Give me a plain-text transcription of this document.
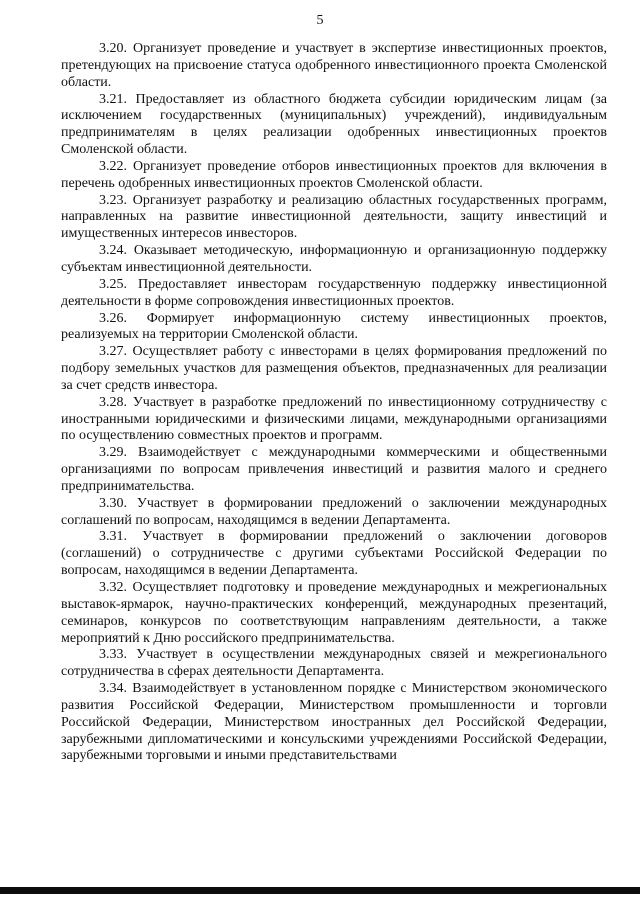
5

3.20. Организует проведение и участвует в экспертизе инвестиционных проектов, претендующих на присвоение статуса одобренного инвестиционного проекта Смоленской области.

3.21. Предоставляет из областного бюджета субсидии юридическим лицам (за исключением государственных (муниципальных) учреждений), индивидуальным предпринимателям в целях реализации одобренных инвестиционных проектов Смоленской области.

3.22. Организует проведение отборов инвестиционных проектов для включения в перечень одобренных инвестиционных проектов Смоленской области.

3.23. Организует разработку и реализацию областных государственных программ, направленных на развитие инвестиционной деятельности, защиту инвестиций и имущественных интересов инвесторов.

3.24. Оказывает методическую, информационную и организационную поддержку субъектам инвестиционной деятельности.

3.25. Предоставляет инвесторам государственную поддержку инвестиционной деятельности в форме сопровождения инвестиционных проектов.

3.26. Формирует информационную систему инвестиционных проектов, реализуемых на территории Смоленской области.

3.27. Осуществляет работу с инвесторами в целях формирования предложений по подбору земельных участков для размещения объектов, предназначенных для реализации за счет средств инвестора.

3.28. Участвует в разработке предложений по инвестиционному сотрудничеству с иностранными юридическими и физическими лицами, международными организациями по осуществлению совместных проектов и программ.

3.29. Взаимодействует с международными коммерческими и общественными организациями по вопросам привлечения инвестиций и развития малого и среднего предпринимательства.

3.30. Участвует в формировании предложений о заключении международных соглашений по вопросам, находящимся в ведении Департамента.

3.31. Участвует в формировании предложений о заключении договоров (соглашений) о сотрудничестве с другими субъектами Российской Федерации по вопросам, находящимся в ведении Департамента.

3.32. Осуществляет подготовку и проведение международных и межрегиональных выставок-ярмарок, научно-практических конференций, международных презентаций, семинаров, конкурсов по соответствующим направлениям деятельности, а также мероприятий к Дню российского предпринимательства.

3.33. Участвует в осуществлении международных связей и межрегионального сотрудничества в сферах деятельности Департамента.

3.34. Взаимодействует в установленном порядке с Министерством экономического развития Российской Федерации, Министерством промышленности и торговли Российской Федерации, Министерством иностранных дел Российской Федерации, зарубежными дипломатическими и консульскими учреждениями Российской Федерации, зарубежными торговыми и иными представительствами
